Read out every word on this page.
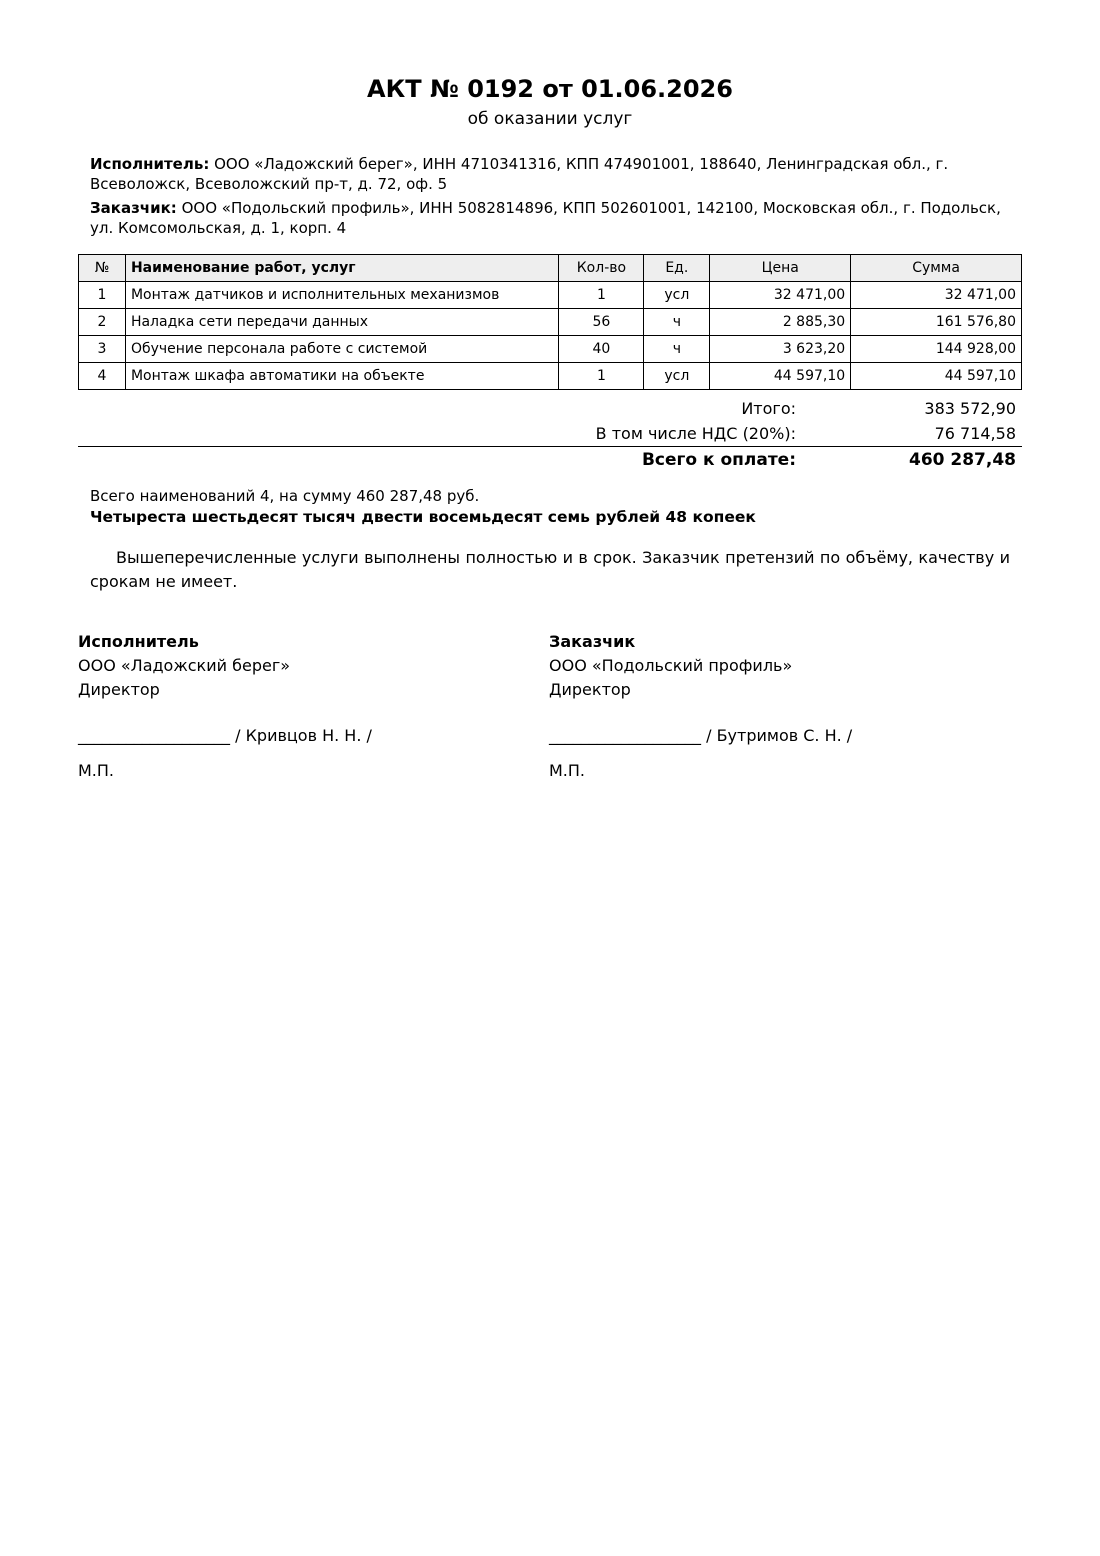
АКТ № 0192 от 01.06.2026

об оказании услуг

Исполнитель: ООО «Ладожский берег», ИНН 4710341316, КПП 474901001, 188640, Ленинградская обл., г. Всеволожск, Всеволожский пр-т, д. 72, оф. 5

Заказчик: ООО «Подольский профиль», ИНН 5082814896, КПП 502601001, 142100, Московская обл., г. Подольск, ул. Комсомольская, д. 1, корп. 4

№	Наименование работ, услуг	Кол-во	Ед.	Цена	Сумма
1	Монтаж датчиков и исполнительных механизмов	1	усл	32 471,00	32 471,00
2	Наладка сети передачи данных	56	ч	2 885,30	161 576,80
3	Обучение персонала работе с системой	40	ч	3 623,20	144 928,00
4	Монтаж шкафа автоматики на объекте	1	усл	44 597,10	44 597,10
Итого:	383 572,90
В том числе НДС (20%):	76 714,58
Всего к оплате:	460 287,48

Всего наименований 4, на сумму 460 287,48 руб.

Четыреста шестьдесят тысяч двести восемьдесят семь рублей 48 копеек

Вышеперечисленные услуги выполнены полностью и в срок. Заказчик претензий по объёму, качеству и срокам не имеет.

Исполнитель

ООО «Ладожский берег»

Директор

___________________ / Кривцов Н. Н. /

М.П.

Заказчик

ООО «Подольский профиль»

Директор

___________________ / Бутримов С. Н. /

М.П.
